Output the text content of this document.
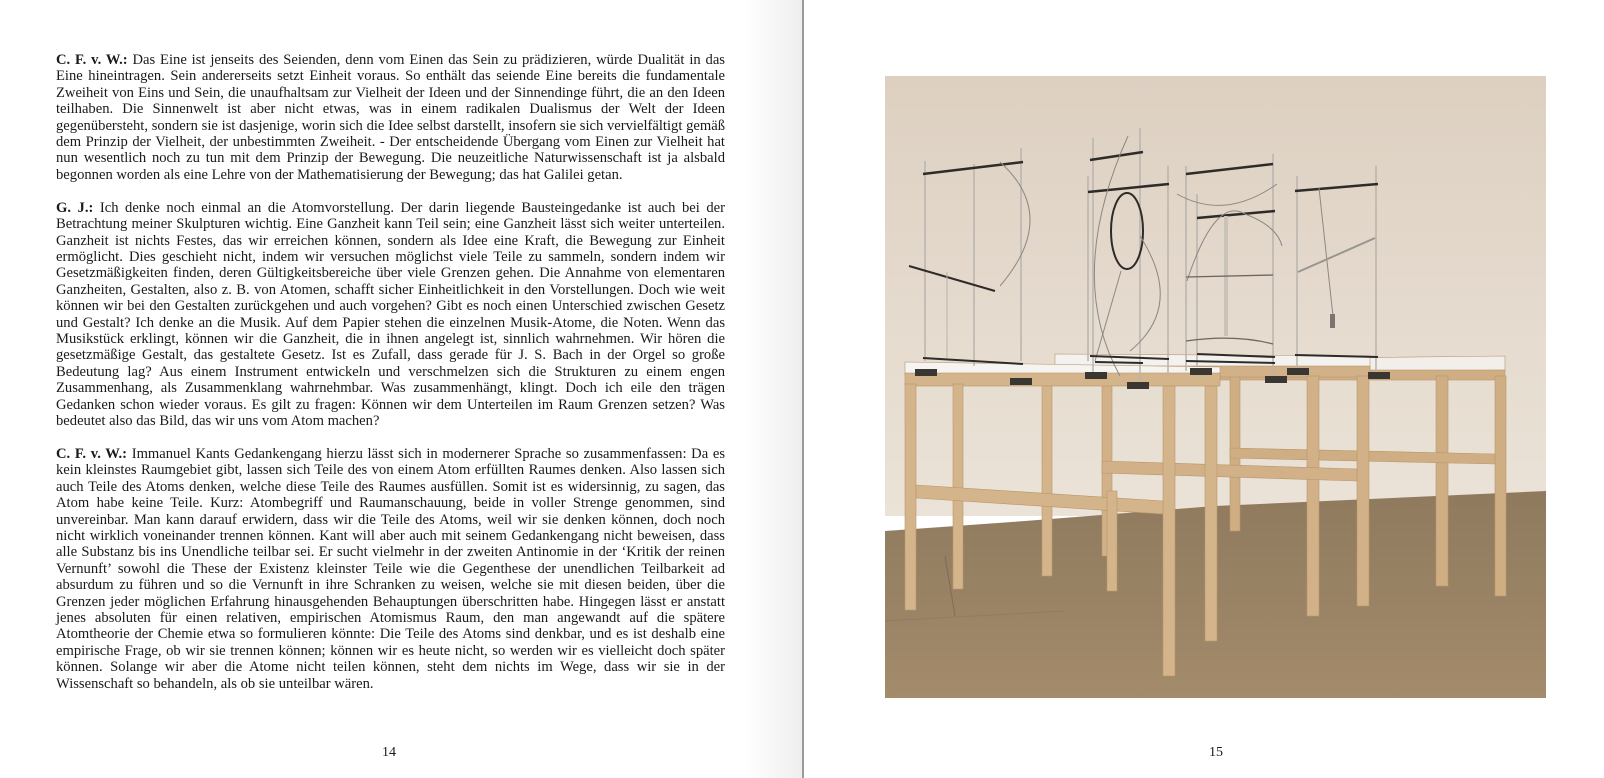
C. F. v. W.: Das Eine ist jenseits des Seienden, denn vom Einen das Sein zu prädizieren, würde Dualität in das Eine hineintragen. Sein andererseits setzt Einheit voraus. So enthält das seiende Eine bereits die fundamentale Zweiheit von Eins und Sein, die unaufhaltsam zur Vielheit der Ideen und der Sinnendinge führt, die an den Ideen teilhaben. Die Sinnenwelt ist aber nicht etwas, was in einem radikalen Dualismus der Welt der Ideen gegenübersteht, sondern sie ist dasjenige, worin sich die Idee selbst darstellt, insofern sie sich vervielfältigt gemäß dem Prinzip der Vielheit, der unbestimmten Zweiheit. - Der entscheidende Übergang vom Einen zur Vielheit hat nun wesentlich noch zu tun mit dem Prinzip der Bewegung. Die neuzeitliche Naturwissenschaft ist ja alsbald begonnen worden als eine Lehre von der Mathematisierung der Bewegung; das hat Galilei getan.

G. J.: Ich denke noch einmal an die Atomvorstellung. Der darin liegende Bausteingedanke ist auch bei der Betrachtung meiner Skulpturen wichtig. Eine Ganzheit kann Teil sein; eine Ganzheit lässt sich weiter unterteilen. Ganzheit ist nichts Festes, das wir erreichen können, sondern als Idee eine Kraft, die Bewegung zur Einheit ermöglicht. Dies geschieht nicht, indem wir versuchen möglichst viele Teile zu sammeln, sondern indem wir Gesetzmäßigkeiten finden, deren Gültigkeitsbereiche über viele Grenzen gehen. Die Annahme von elementaren Ganzheiten, Gestalten, also z. B. von Atomen, schafft sicher Einheitlichkeit in den Vorstellungen. Doch wie weit können wir bei den Gestalten zurückgehen und auch vorgehen? Gibt es noch einen Unterschied zwischen Gesetz und Gestalt? Ich denke an die Musik. Auf dem Papier stehen die einzelnen Musik-Atome, die Noten. Wenn das Musikstück erklingt, können wir die Ganzheit, die in ihnen angelegt ist, sinnlich wahrnehmen. Wir hören die gesetzmäßige Gestalt, das gestaltete Gesetz. Ist es Zufall, dass gerade für J. S. Bach in der Orgel so große Bedeutung lag? Aus einem Instrument entwickeln und verschmelzen sich die Strukturen zu einem engen Zusammenhang, als Zusammenklang wahrnehmbar. Was zusammenhängt, klingt. Doch ich eile den trägen Gedanken schon wieder voraus. Es gilt zu fragen: Können wir dem Unterteilen im Raum Grenzen setzen? Was bedeutet also das Bild, das wir uns vom Atom machen?

C. F. v. W.: Immanuel Kants Gedankengang hierzu lässt sich in modernerer Sprache so zusammenfassen: Da es kein kleinstes Raumgebiet gibt, lassen sich Teile des von einem Atom erfüllten Raumes denken. Also lassen sich auch Teile des Atoms denken, welche diese Teile des Raumes ausfüllen. Somit ist es widersinnig, zu sagen, das Atom habe keine Teile. Kurz: Atombegriff und Raumanschauung, beide in voller Strenge genommen, sind unvereinbar. Man kann darauf erwidern, dass wir die Teile des Atoms, weil wir sie denken können, doch noch nicht wirklich voneinander trennen können. Kant will aber auch mit seinem Gedankengang nicht beweisen, dass alle Substanz bis ins Unendliche teilbar sei. Er sucht vielmehr in der zweiten Antinomie in der ‘Kritik der reinen Vernunft’ sowohl die These der Existenz kleinster Teile wie die Gegenthese der unendlichen Teilbarkeit ad absurdum zu führen und so die Vernunft in ihre Schranken zu weisen, welche sie mit diesen beiden, über die Grenzen jeder möglichen Erfahrung hinausgehenden Behauptungen überschritten habe. Hingegen lässt er anstatt jenes absoluten für einen relativen, empirischen Atomismus Raum, den man angewandt auf die spätere Atomtheorie der Chemie etwa so formulieren könnte: Die Teile des Atoms sind denkbar, und es ist deshalb eine empirische Frage, ob wir sie trennen können; können wir es heute nicht, so werden wir es vielleicht doch später können. Solange wir aber die Atome nicht teilen können, steht dem nichts im Wege, dass wir sie in der Wissenschaft so behandeln, als ob sie unteilbar wären.

14	15
